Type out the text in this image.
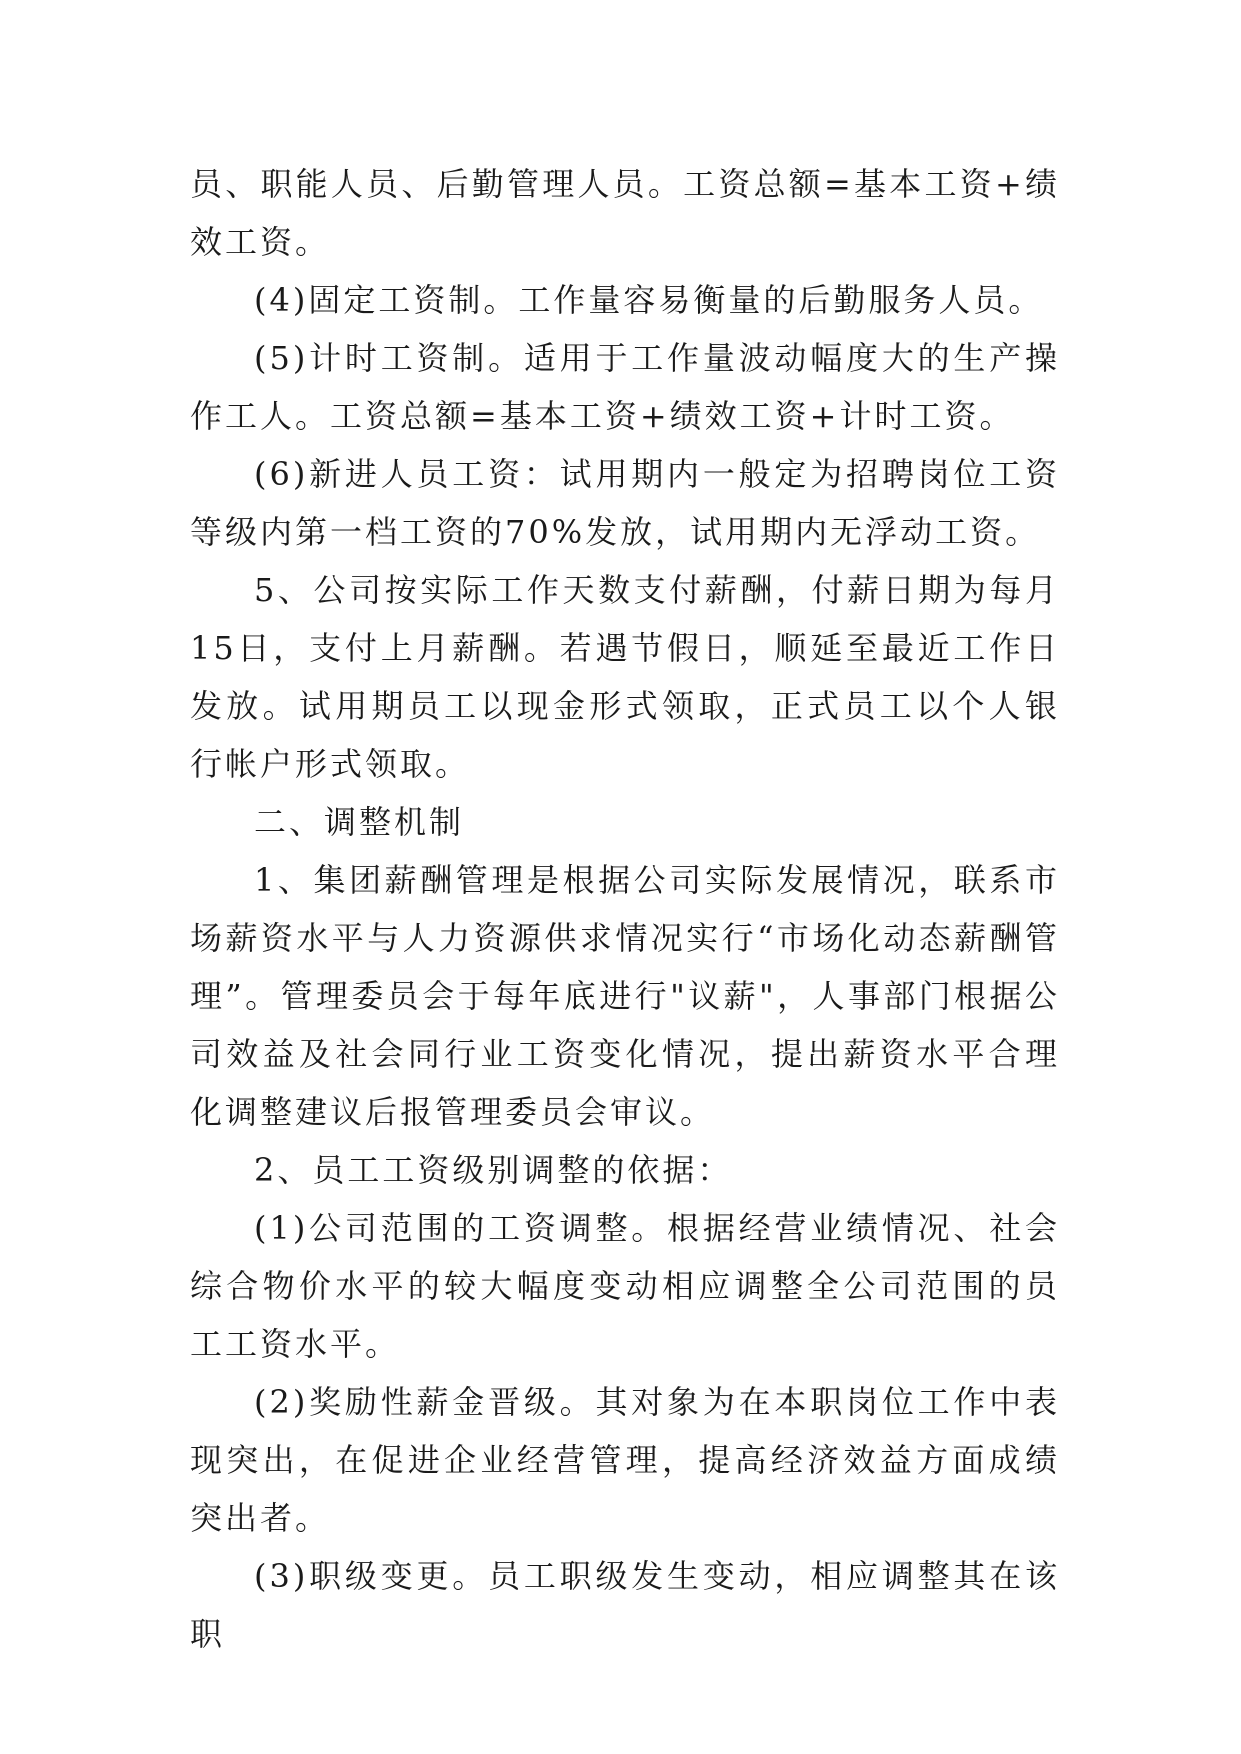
员、职能人员、后勤管理人员。工资总额=基本工资+绩效工资。

(4)固定工资制。工作量容易衡量的后勤服务人员。

(5)计时工资制。适用于工作量波动幅度大的生产操作工人。工资总额=基本工资+绩效工资+计时工资。

(6)新进人员工资：试用期内一般定为招聘岗位工资等级内第一档工资的70%发放，试用期内无浮动工资。

5、公司按实际工作天数支付薪酬，付薪日期为每月15日，支付上月薪酬。若遇节假日，顺延至最近工作日发放。试用期员工以现金形式领取，正式员工以个人银行帐户形式领取。

二、调整机制

1、集团薪酬管理是根据公司实际发展情况，联系市场薪资水平与人力资源供求情况实行“市场化动态薪酬管理”。管理委员会于每年底进行"议薪"，人事部门根据公司效益及社会同行业工资变化情况，提出薪资水平合理化调整建议后报管理委员会审议。

2、员工工资级别调整的依据：

(1)公司范围的工资调整。根据经营业绩情况、社会综合物价水平的较大幅度变动相应调整全公司范围的员工工资水平。

(2)奖励性薪金晋级。其对象为在本职岗位工作中表现突出，在促进企业经营管理，提高经济效益方面成绩突出者。

(3)职级变更。员工职级发生变动，相应调整其在该职
